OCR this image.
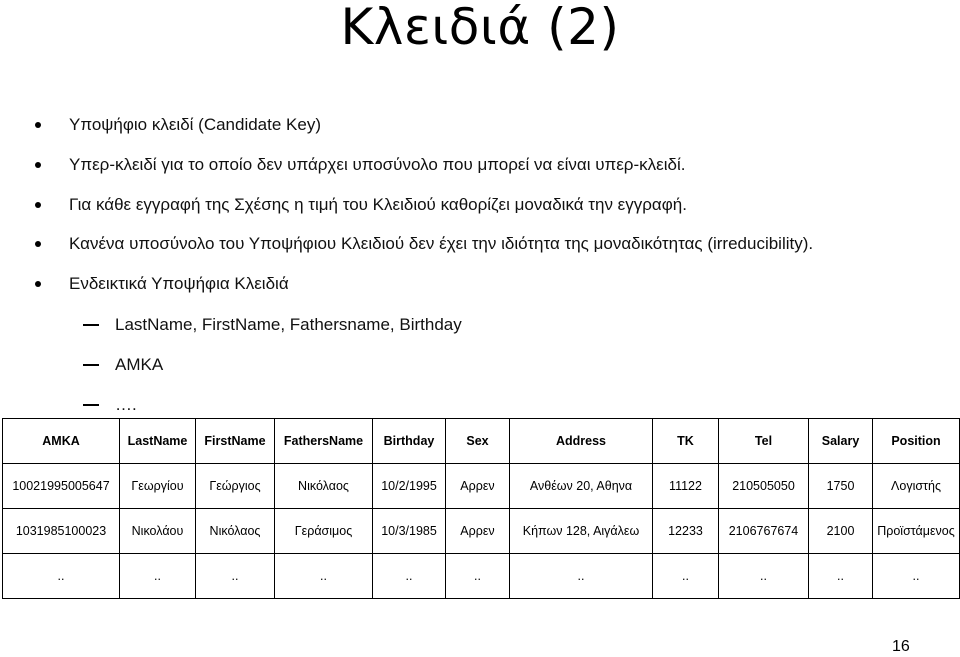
Κλειδιά (2)
Υποψήφιο κλειδί (Candidate Key)
Υπερ-κλειδί για το οποίο δεν υπάρχει υποσύνολο που μπορεί να είναι υπερ-κλειδί.
Για κάθε εγγραφή της Σχέσης η τιμή του Κλειδιού καθορίζει μοναδικά την εγγραφή.
Κανένα υποσύνολο του Υποψήφιου Κλειδιού δεν έχει την ιδιότητα της μοναδικότητας (irreducibility).
Ενδεικτικά Υποψήφια Κλειδιά
LastName, FirstName, Fathersname, Birthday
ΑΜΚΑ
….
AMKA	LastName	FirstName	FathersName	Birthday	Sex	Address	TK	Tel	Salary	Position
10021995005647	Γεωργίου	Γεώργιος	Νικόλαος	10/2/1995	Αρρεν	Ανθέων 20, Αθηνα	11122	210505050	1750	Λογιστής
1031985100023	Νικολάου	Νικόλαος	Γεράσιμος	10/3/1985	Αρρεν	Κήπων 128, Αιγάλεω	12233	2106767674	2100	Προϊστάμενος
..	..	..	..	..	..	..	..	..	..	..
16
